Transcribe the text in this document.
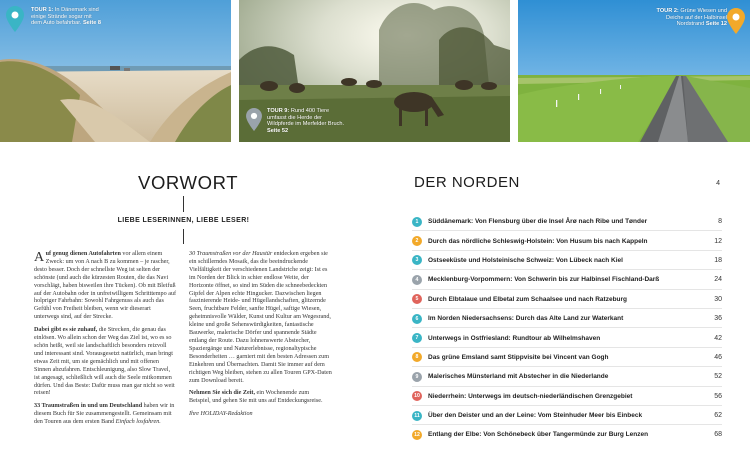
TOUR 1: In Dänemark sind einige Strände sogar mit dem Auto befahrbar. Seite 8
TOUR 9: Rund 400 Tiere umfasst die Herde der Wildpferde im Merfelder Bruch. Seite 52
TOUR 2: Grüne Wiesen und Deiche auf der Halbinsel Nordstrand Seite 12
VORWORT
LIEBE LESERINNEN, LIEBE LESER!

Auf genug dienen Autofahrten vor allem einem Zweck: um von A nach B zu kommen – je rascher, desto besser. Doch der schnellste Weg ist selten der schönste (und auch die kürzesten Routen, die das Navi vorschlägt, haben bisweilen ihre Tücken). Ob mit Bleifuß auf der Autobahn oder in unfreiwilligem Schritttempo auf holpriger Fahrbahn: Sowohl Fahrgenuss als auch das Gefühl von Freiheit bleiben, wenn wir dieserart unterwegs sind, auf der Strecke.

Dabei gibt es sie zuhauf, die Strecken, die genau das einlösen. Wo allein schon der Weg das Ziel ist, wo es so schön heißt, weil sie landschaftlich besonders reizvoll und interessant sind. Vorausgesetzt natürlich, man bringt etwas Zeit mit, um sie gemächlich und mit offenen Sinnen abzufahren. Entschleunigung, also Slow Travel, ist angesagt, schließlich will auch die Seele mitkommen dürfen. Und das Beste: Dafür muss man gar nicht so weit reisen!

33 Traumstraßen in und um Deutschland haben wir in diesem Buch für Sie zusammengestellt. Gemeinsam mit den Touren aus dem ersten Band Einfach losfahren.

30 Traumstraßen vor der Haustür entdecken ergeben sie ein schillerndes Mosaik, das die beeindruckende Vielfältigkeit der verschiedenen Landstriche zeigt: Ist es im Norden der Blick in schier endlose Weite, der Horizonte öffnet, so sind im Süden die schneebedeckten Gipfel der Alpen echte Hingucker. Dazwischen liegen faszinierende Heide- und Hügellandschaften, glitzernde Seen, fruchtbare Felder, sanfte Hügel, saftige Wiesen, geheimnisvolle Wälder, Kunst und Kultur am Wegesrand, kleine und große Sehenswürdigkeiten, fantastische Bauwerke, malerische Dörfer und spannende Städte entlang der Route. Dazu lohnenswerte Abstecher, Spaziergänge und Naturerlebnisse, regionaltypische Besonderheiten … garniert mit den besten Adressen zum Einkehren und Übernachten. Damit Sie immer auf dem richtigen Weg bleiben, stehen zu allen Touren GPX-Daten zum Download bereit.

Nehmen Sie sich die Zeit, ein Wochenende zum Beispiel, und gehen Sie mit uns auf Entdeckungsreise.

Ihre HOLIDAY-Redaktion

DER NORDEN	4
1	Süddänemark: Von Flensburg über die Insel Årø nach Ribe und Tønder	8
2	Durch das nördliche Schleswig-Holstein: Von Husum bis nach Kappeln	12
3	Ostseeküste und Holsteinische Schweiz: Von Lübeck nach Kiel	18
4	Mecklenburg-Vorpommern: Von Schwerin bis zur Halbinsel Fischland-Darß	24
5	Durch Elbtalaue und Elbetal zum Schaalsee und nach Ratzeburg	30
6	Im Norden Niedersachsens: Durch das Alte Land zur Waterkant	36
7	Unterwegs in Ostfriesland: Rundtour ab Wilhelmshaven	42
8	Das grüne Emsland samt Stippvisite bei Vincent van Gogh	46
9	Malerisches Münsterland mit Abstecher in die Niederlande	52
10	Niederrhein: Unterwegs im deutsch-niederländischen Grenzgebiet	56
11	Über den Deister und an der Leine: Vom Steinhuder Meer bis Einbeck	62
12	Entlang der Elbe: Von Schönebeck über Tangermünde zur Burg Lenzen	68
